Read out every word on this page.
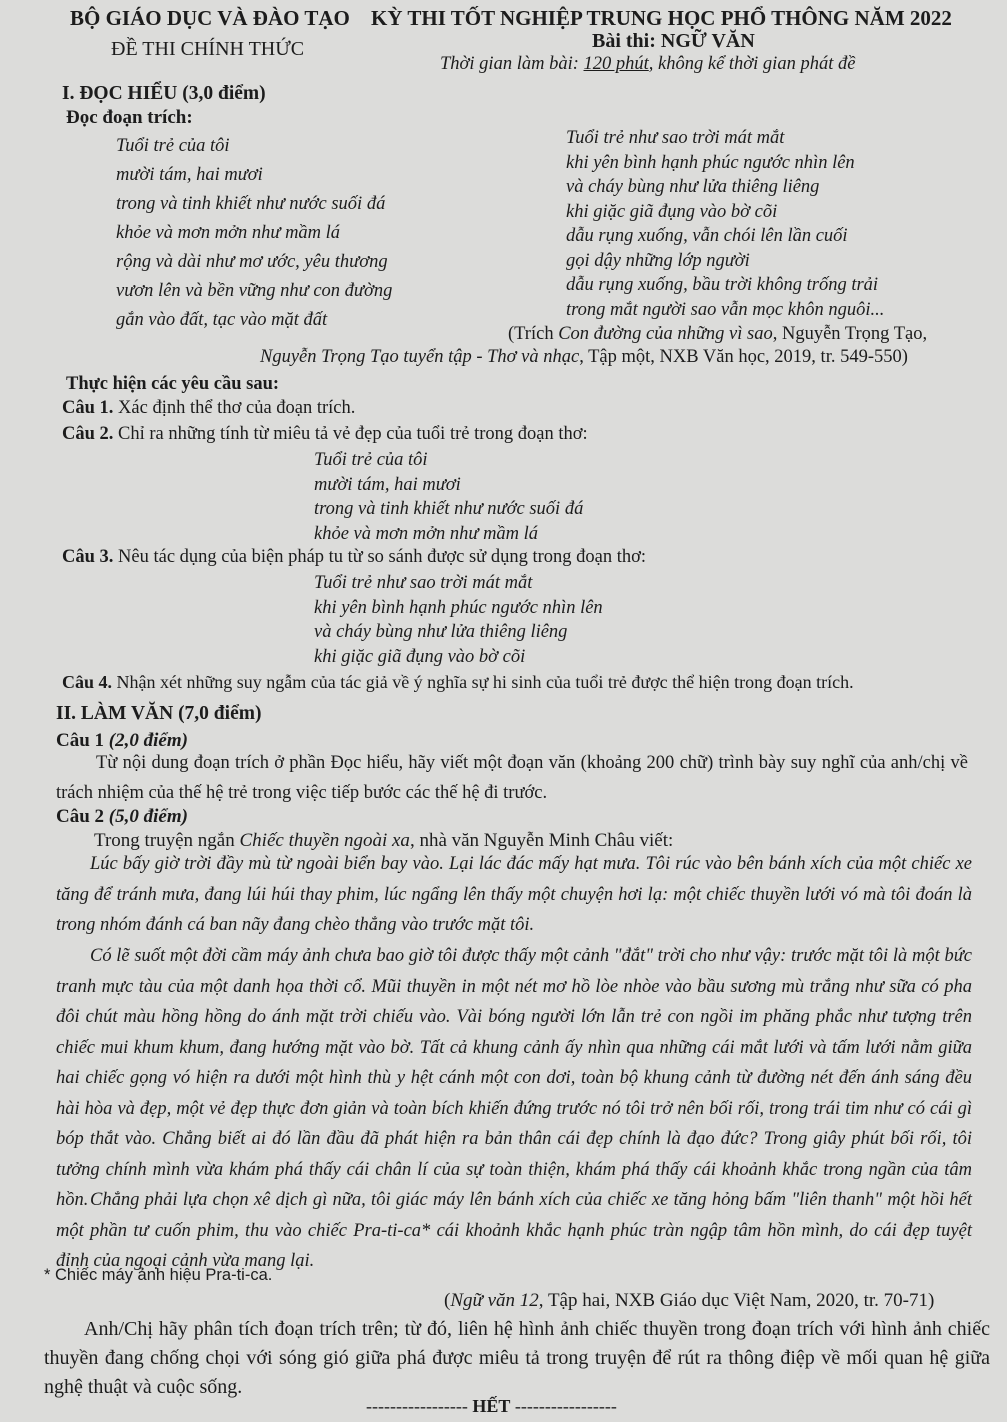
BỘ GIÁO DỤC VÀ ĐÀO TẠO KỲ THI TỐT NGHIỆP TRUNG HỌC PHỔ THÔNG NĂM 2022
ĐỀ THI CHÍNH THỨC	Bài thi: NGỮ VĂN
Thời gian làm bài: 120 phút, không kể thời gian phát đề
I. ĐỌC HIỂU (3,0 điểm)
Đọc đoạn trích:
Tuổi trẻ của tôi
mười tám, hai mươi
trong và tinh khiết như nước suối đá
khỏe và mơn mởn như mầm lá
rộng và dài như mơ ước, yêu thương
vươn lên và bền vững như con đường
gắn vào đất, tạc vào mặt đất
Tuổi trẻ như sao trời mát mắt
khi yên bình hạnh phúc ngước nhìn lên
và cháy bùng như lửa thiêng liêng
khi giặc giã đụng vào bờ cõi
dẫu rụng xuống, vẫn chói lên lần cuối
gọi dậy những lớp người
dẫu rụng xuống, bầu trời không trống trải
trong mắt người sao vẫn mọc khôn nguôi...
(Trích Con đường của những vì sao, Nguyễn Trọng Tạo,
Nguyễn Trọng Tạo tuyển tập - Thơ và nhạc, Tập một, NXB Văn học, 2019, tr. 549-550)
Thực hiện các yêu cầu sau:
Câu 1. Xác định thể thơ của đoạn trích.
Câu 2. Chỉ ra những tính từ miêu tả vẻ đẹp của tuổi trẻ trong đoạn thơ:
Tuổi trẻ của tôi
mười tám, hai mươi
trong và tinh khiết như nước suối đá
khỏe và mơn mởn như mầm lá
Câu 3. Nêu tác dụng của biện pháp tu từ so sánh được sử dụng trong đoạn thơ:
Tuổi trẻ như sao trời mát mắt
khi yên bình hạnh phúc ngước nhìn lên
và cháy bùng như lửa thiêng liêng
khi giặc giã đụng vào bờ cõi
Câu 4. Nhận xét những suy ngẫm của tác giả về ý nghĩa sự hi sinh của tuổi trẻ được thể hiện trong đoạn trích.
II. LÀM VĂN (7,0 điểm)
Câu 1 (2,0 điểm)
Từ nội dung đoạn trích ở phần Đọc hiểu, hãy viết một đoạn văn (khoảng 200 chữ) trình bày suy nghĩ của anh/chị về trách nhiệm của thế hệ trẻ trong việc tiếp bước các thế hệ đi trước.
Câu 2 (5,0 điểm)
Trong truyện ngắn Chiếc thuyền ngoài xa, nhà văn Nguyễn Minh Châu viết:
Lúc bấy giờ trời đầy mù từ ngoài biển bay vào. Lại lác đác mấy hạt mưa. Tôi rúc vào bên bánh xích của một chiếc xe tăng để tránh mưa, đang lúi húi thay phim, lúc ngẩng lên thấy một chuyện hơi lạ: một chiếc thuyền lưới vó mà tôi đoán là trong nhóm đánh cá ban nãy đang chèo thẳng vào trước mặt tôi.
Có lẽ suốt một đời cầm máy ảnh chưa bao giờ tôi được thấy một cảnh "đắt" trời cho như vậy: trước mặt tôi là một bức tranh mực tàu của một danh họa thời cổ. Mũi thuyền in một nét mơ hồ lòe nhòe vào bầu sương mù trắng như sữa có pha đôi chút màu hồng hồng do ánh mặt trời chiếu vào. Vài bóng người lớn lẫn trẻ con ngồi im phăng phắc như tượng trên chiếc mui khum khum, đang hướng mặt vào bờ. Tất cả khung cảnh ấy nhìn qua những cái mắt lưới và tấm lưới nằm giữa hai chiếc gọng vó hiện ra dưới một hình thù y hệt cánh một con dơi, toàn bộ khung cảnh từ đường nét đến ánh sáng đều hài hòa và đẹp, một vẻ đẹp thực đơn giản và toàn bích khiến đứng trước nó tôi trở nên bối rối, trong trái tim như có cái gì bóp thắt vào. Chẳng biết ai đó lần đầu đã phát hiện ra bản thân cái đẹp chính là đạo đức? Trong giây phút bối rối, tôi tưởng chính mình vừa khám phá thấy cái chân lí của sự toàn thiện, khám phá thấy cái khoảnh khắc trong ngần của tâm hồn. Chẳng phải lựa chọn xê dịch gì nữa, tôi giác máy lên bánh xích của chiếc xe tăng hỏng bấm "liên thanh" một hồi hết một phần tư cuốn phim, thu vào chiếc Pra-ti-ca* cái khoảnh khắc hạnh phúc tràn ngập tâm hồn mình, do cái đẹp tuyệt đỉnh của ngoại cảnh vừa mang lại.
* Chiếc máy ảnh hiệu Pra-ti-ca.
(Ngữ văn 12, Tập hai, NXB Giáo dục Việt Nam, 2020, tr. 70-71)
Anh/Chị hãy phân tích đoạn trích trên; từ đó, liên hệ hình ảnh chiếc thuyền trong đoạn trích với hình ảnh chiếc thuyền đang chống chọi với sóng gió giữa phá được miêu tả trong truyện để rút ra thông điệp về mối quan hệ giữa nghệ thuật và cuộc sống.
----------------- HẾT -----------------
